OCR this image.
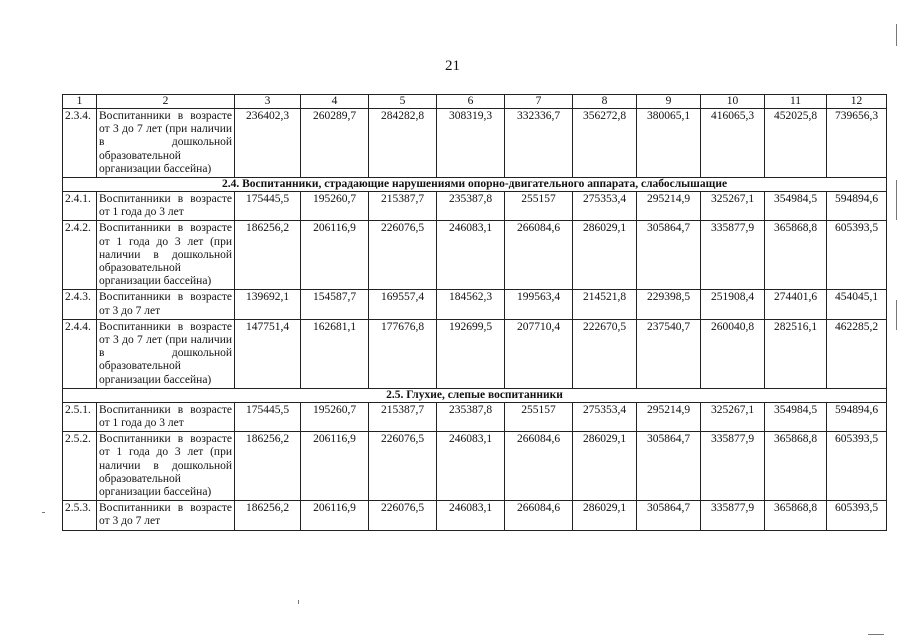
21
1	2	3	4	5	6	7	8	9	10	11	12
2.3.4.	Воспитанники в возрасте от 3 до 7 лет (при наличии в дошкольной образовательной организации бассейна)	236402,3	260289,7	284282,8	308319,3	332336,7	356272,8	380065,1	416065,3	452025,8	739656,3
2.4. Воспитанники, страдающие нарушениями опорно-двигательного аппарата, слабослышащие											
2.4.1.	Воспитанники в возрасте от 1 года до 3 лет	175445,5	195260,7	215387,7	235387,8	255157	275353,4	295214,9	325267,1	354984,5	594894,6
2.4.2.	Воспитанники в возрасте от 1 года до 3 лет (при наличии в дошкольной образовательной организации бассейна)	186256,2	206116,9	226076,5	246083,1	266084,6	286029,1	305864,7	335877,9	365868,8	605393,5
2.4.3.	Воспитанники в возрасте от 3 до 7 лет	139692,1	154587,7	169557,4	184562,3	199563,4	214521,8	229398,5	251908,4	274401,6	454045,1
2.4.4.	Воспитанники в возрасте от 3 до 7 лет (при наличии в дошкольной образовательной организации бассейна)	147751,4	162681,1	177676,8	192699,5	207710,4	222670,5	237540,7	260040,8	282516,1	462285,2
2.5. Глухие, слепые воспитанники											
2.5.1.	Воспитанники в возрасте от 1 года до 3 лет	175445,5	195260,7	215387,7	235387,8	255157	275353,4	295214,9	325267,1	354984,5	594894,6
2.5.2.	Воспитанники в возрасте от 1 года до 3 лет (при наличии в дошкольной образовательной организации бассейна)	186256,2	206116,9	226076,5	246083,1	266084,6	286029,1	305864,7	335877,9	365868,8	605393,5
2.5.3.	Воспитанники в возрасте от 3 до 7 лет	186256,2	206116,9	226076,5	246083,1	266084,6	286029,1	305864,7	335877,9	365868,8	605393,5
